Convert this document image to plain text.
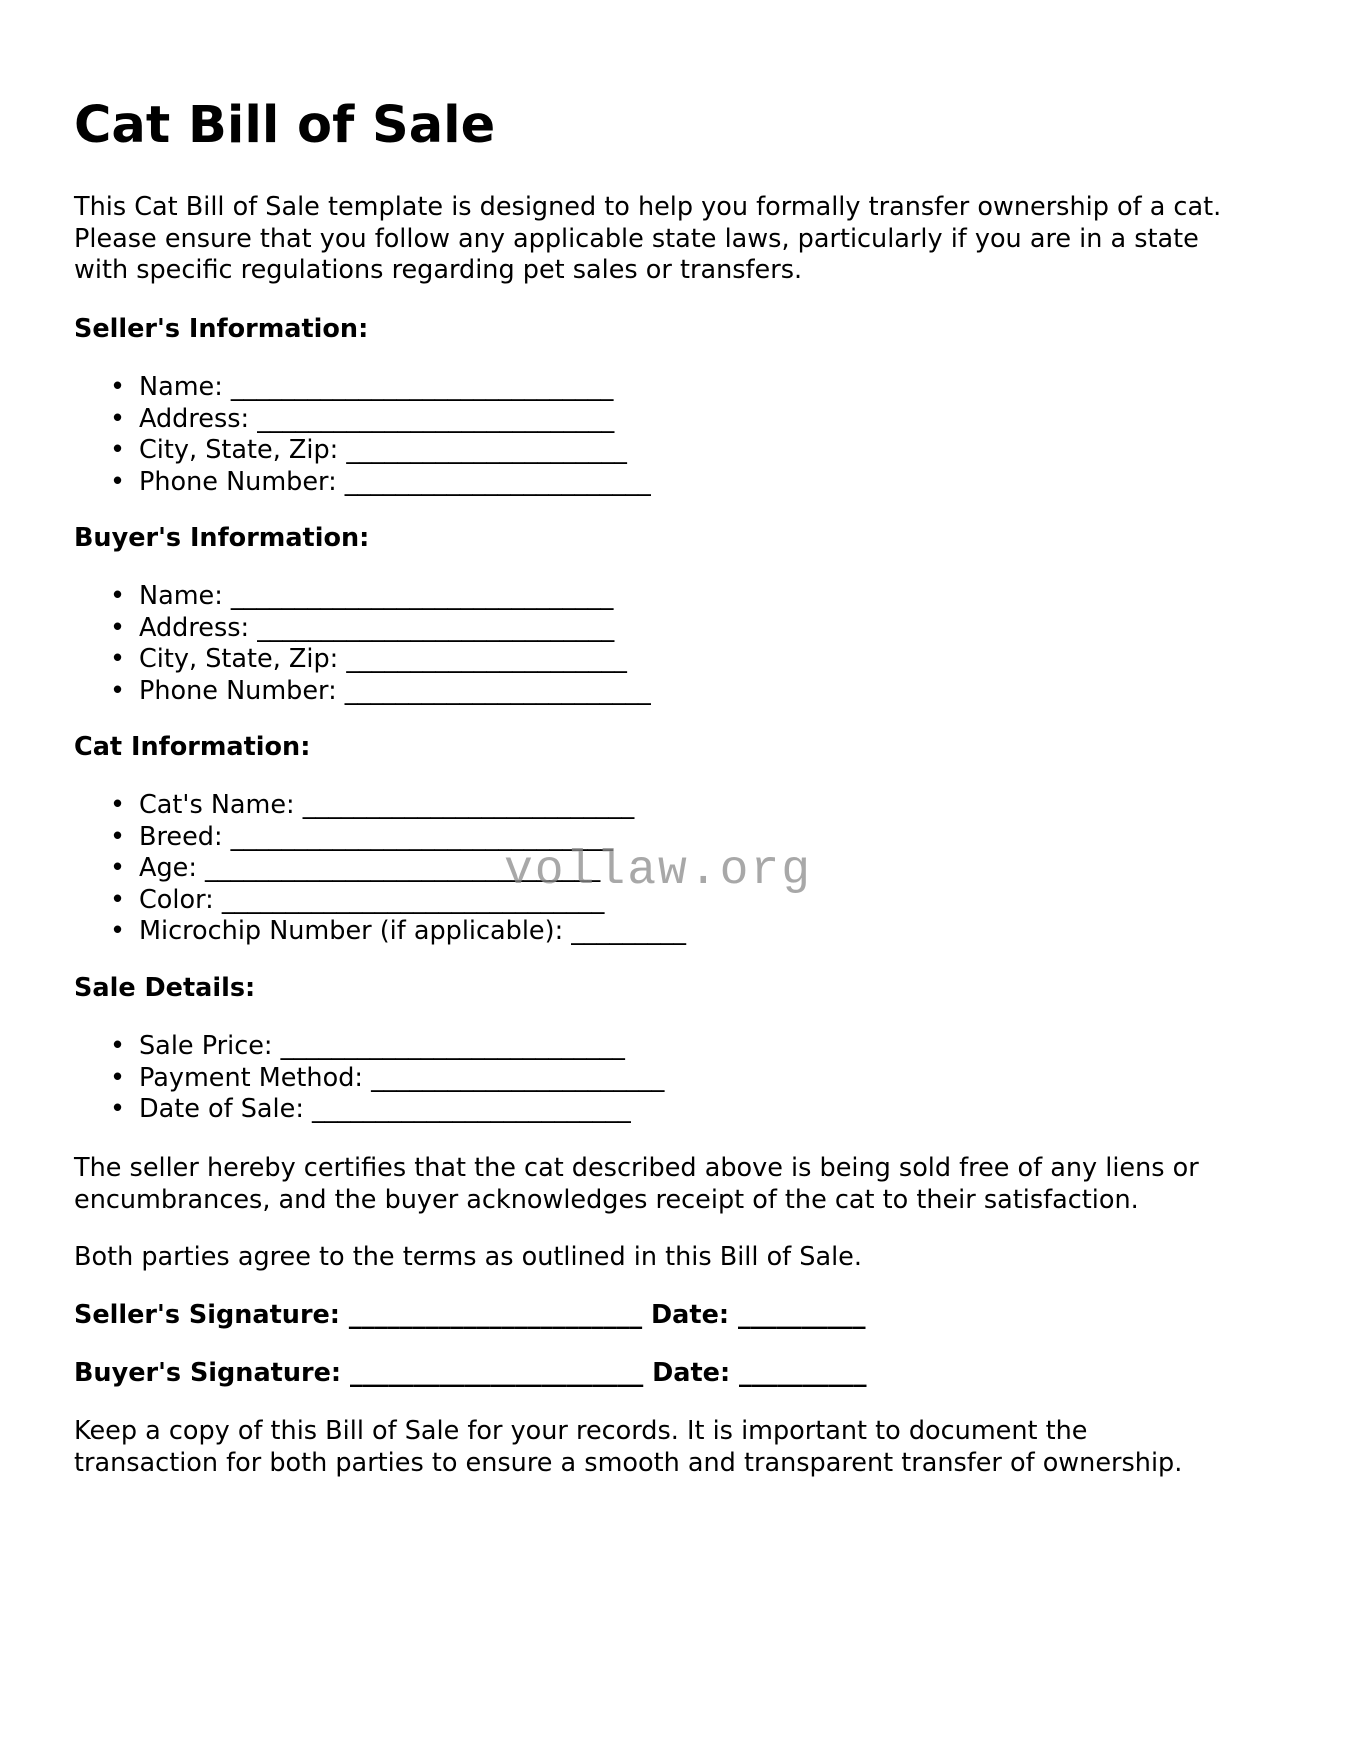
Cat Bill of Sale

This Cat Bill of Sale template is designed to help you formally transfer ownership of a cat.

Please ensure that you follow any applicable state laws, particularly if you are in a state

with specific regulations regarding pet sales or transfers.

Seller's Information:
• Name: ______________________________
• Address: ____________________________
• City, State, Zip: ______________________
• Phone Number: ________________________
Buyer's Information:
• Name: ______________________________
• Address: ____________________________
• City, State, Zip: ______________________
• Phone Number: ________________________
Cat Information:
• Cat's Name: __________________________
• Breed: ______________________________
• Age: _______________________________
• Color: ______________________________
• Microchip Number (if applicable): _________
Sale Details:
• Sale Price: ___________________________
• Payment Method: _______________________
• Date of Sale: _________________________

The seller hereby certifies that the cat described above is being sold free of any liens or

encumbrances, and the buyer acknowledges receipt of the cat to their satisfaction.

Both parties agree to the terms as outlined in this Bill of Sale.

Seller's Signature: _______________________ Date: __________

Buyer's Signature: _______________________ Date: __________

Keep a copy of this Bill of Sale for your records. It is important to document the

transaction for both parties to ensure a smooth and transparent transfer of ownership.

vollaw.org
